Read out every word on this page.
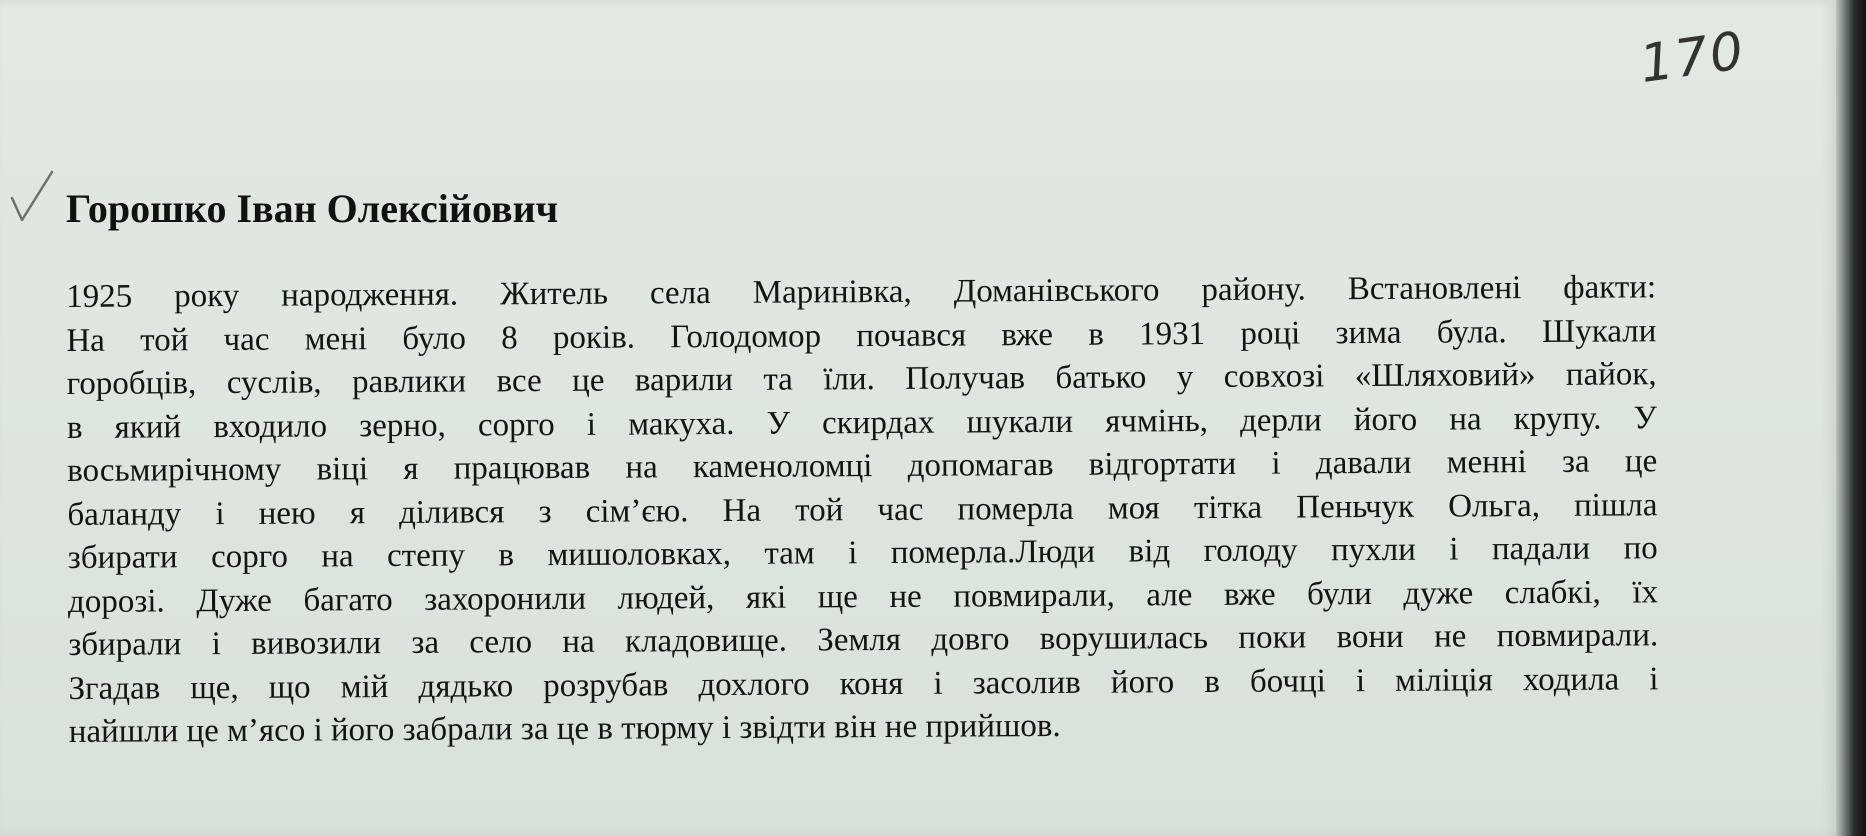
170
Горошко Іван Олексійович
1925 року народження. Житель села Маринівка, Доманівського району. Встановлені факти:
На той час мені було 8 років. Голодомор почався вже в 1931 році зима була. Шукали
горобців, суслів, равлики все це варили та їли. Получав батько у совхозі «Шляховий» пайок,
в який входило зерно, сорго і макуха. У скирдах шукали ячмінь, дерли його на крупу. У
восьмирічному віці я працював на каменоломці допомагав відгортати і давали менні за це
баланду і нею я ділився з сім’єю. На той час померла моя тітка Пеньчук Ольга, пішла
збирати сорго на степу в мишоловках, там і померла.Люди від голоду пухли і падали по
дорозі. Дуже багато захоронили людей, які ще не повмирали, але вже були дуже слабкі, їх
збирали і вивозили за село на кладовище. Земля довго ворушилась поки вони не повмирали.
Згадав ще, що мій дядько розрубав дохлого коня і засолив його в бочці і міліція ходила і
найшли це м’ясо і його забрали за це в тюрму і звідти він не прийшов.
